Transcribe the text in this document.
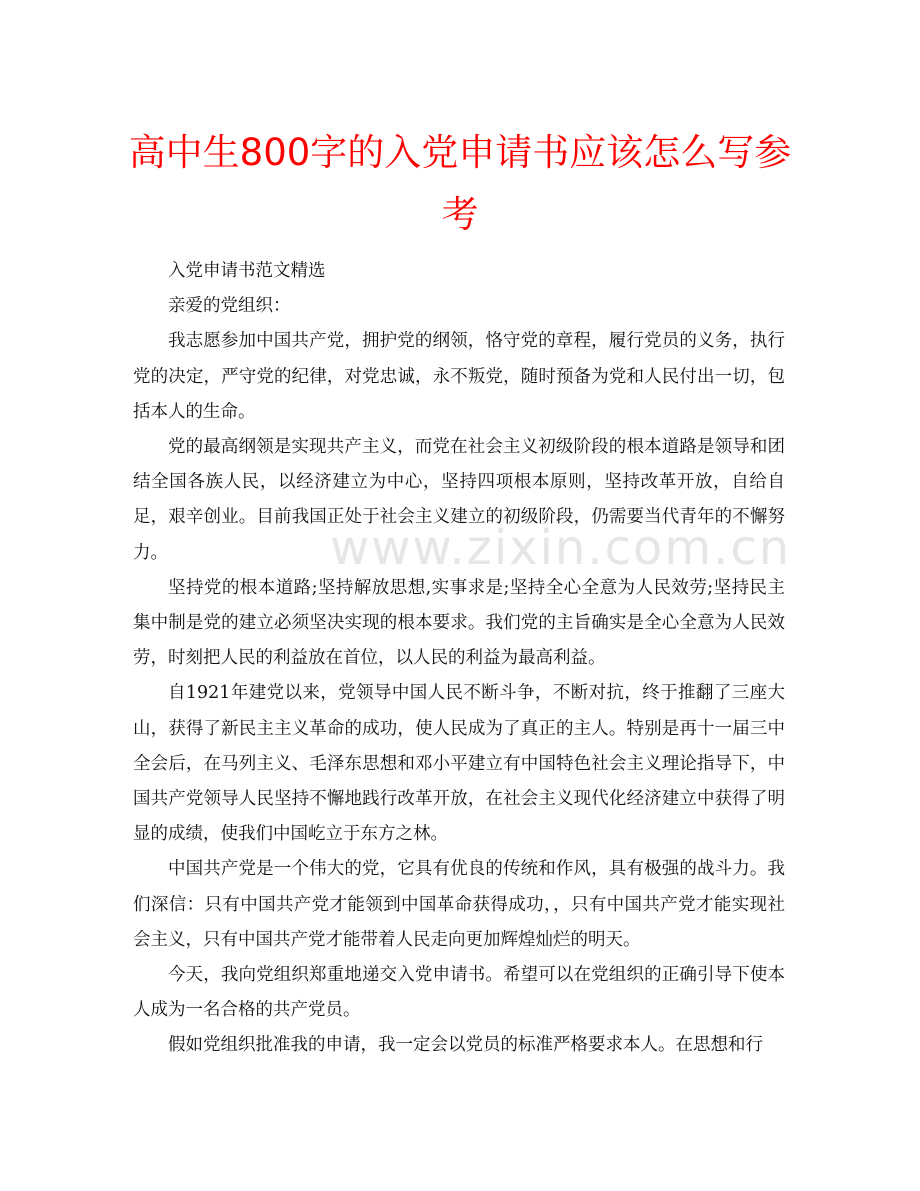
高中生800字的入党申请书应该怎么写参考
www.zixin.com.cn

入党申请书范文精选

亲爱的党组织：

我志愿参加中国共产党，拥护党的纲领，恪守党的章程，履行党员的义务，执行党的决定，严守党的纪律，对党忠诚，永不叛党，随时预备为党和人民付出一切，包括本人的生命。

党的最高纲领是实现共产主义，而党在社会主义初级阶段的根本道路是领导和团结全国各族人民，以经济建立为中心，坚持四项根本原则，坚持改革开放，自给自足，艰辛创业。目前我国正处于社会主义建立的初级阶段，仍需要当代青年的不懈努力。

坚持党的根本道路;坚持解放思想,实事求是;坚持全心全意为人民效劳;坚持民主集中制是党的建立必须坚决实现的根本要求。我们党的主旨确实是全心全意为人民效劳，时刻把人民的利益放在首位，以人民的利益为最高利益。

自1921年建党以来，党领导中国人民不断斗争，不断对抗，终于推翻了三座大山，获得了新民主主义革命的成功，使人民成为了真正的主人。特别是再十一届三中全会后，在马列主义、毛泽东思想和邓小平建立有中国特色社会主义理论指导下，中国共产党领导人民坚持不懈地践行改革开放，在社会主义现代化经济建立中获得了明显的成绩，使我们中国屹立于东方之林。

中国共产党是一个伟大的党，它具有优良的传统和作风，具有极强的战斗力。我们深信：只有中国共产党才能领到中国革命获得成功，，只有中国共产党才能实现社会主义，只有中国共产党才能带着人民走向更加辉煌灿烂的明天。

今天，我向党组织郑重地递交入党申请书。希望可以在党组织的正确引导下使本人成为一名合格的共产党员。

假如党组织批准我的申请，我一定会以党员的标准严格要求本人。在思想和行
